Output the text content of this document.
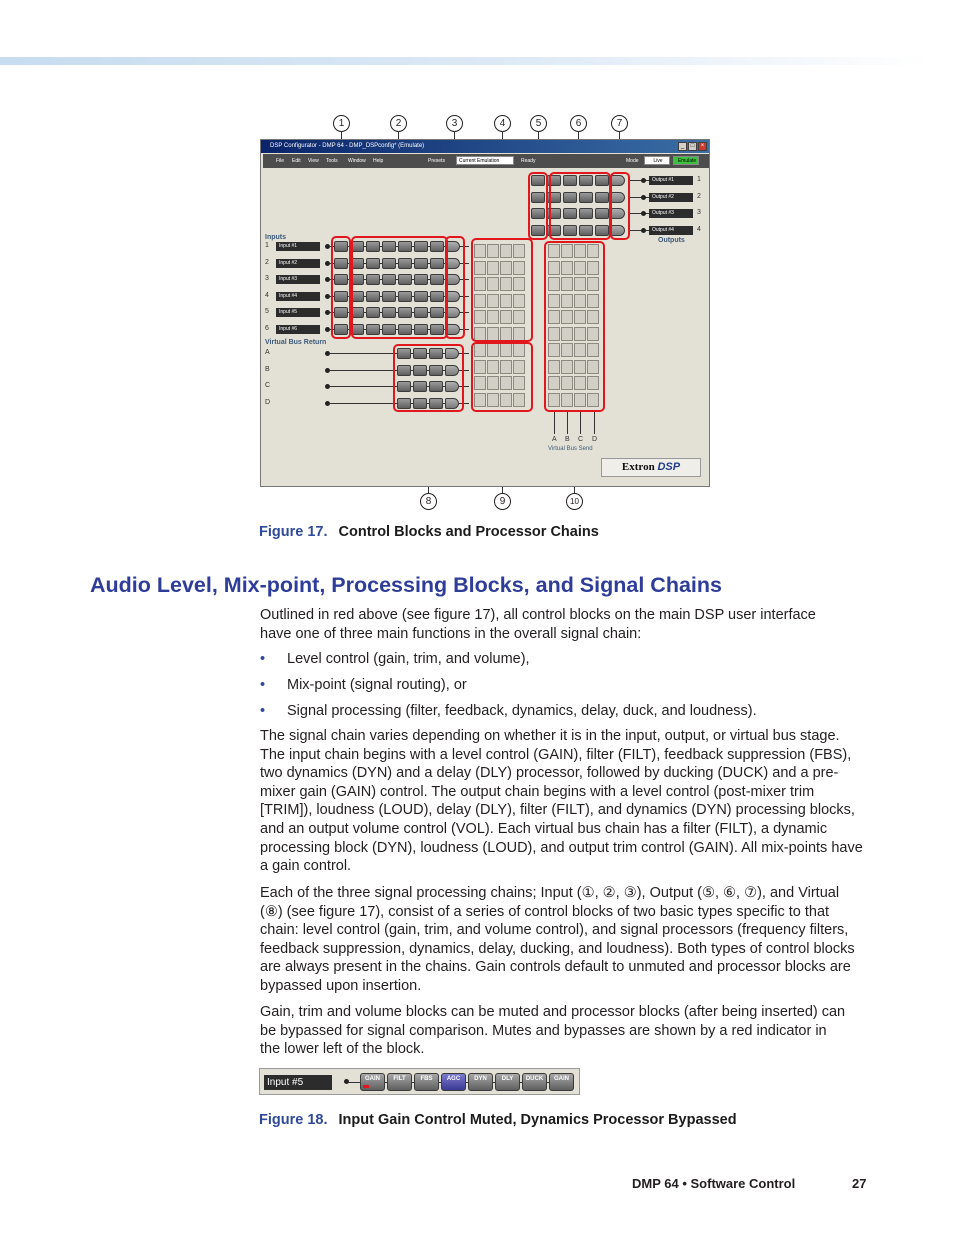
1	2	3	4	5	6	7
8	9	10
DSP Configurator - DMP 64 - DMP_DSPconfig* (Emulate)	_	□	×
File Edit View Tools Window Help	Presets	Current Emulation	Ready	Mode	Live	Emulate
Inputs
1	Input #1
2	Input #2
3	Input #3
4	Input #4
5	Input #5
6	Input #6
Virtual Bus Return
A
B
C
D
Output #1	1
Output #2	2
Output #3	3
Output #4	4
Outputs
A B C D
Virtual Bus Send
Extron DSP
Figure 17. Control Blocks and Processor Chains
Audio Level, Mix-point, Processing Blocks, and Signal Chains

Outlined in red above (see figure 17), all control blocks on the main DSP user interface have one of three main functions in the overall signal chain:

• Level control (gain, trim, and volume),
• Mix-point (signal routing), or
• Signal processing (filter, feedback, dynamics, delay, duck, and loudness).

The signal chain varies depending on whether it is in the input, output, or virtual bus stage. The input chain begins with a level control (GAIN), filter (FILT), feedback suppression (FBS), two dynamics (DYN) and a delay (DLY) processor, followed by ducking (DUCK) and a pre-mixer gain (GAIN) control. The output chain begins with a level control (post-mixer trim [TRIM]), loudness (LOUD), delay (DLY), filter (FILT), and dynamics (DYN) processing blocks, and an output volume control (VOL). Each virtual bus chain has a filter (FILT), a dynamic processing block (DYN), loudness (LOUD), and output trim control (GAIN). All mix-points have a gain control.

Each of the three signal processing chains; Input (①, ②, ③), Output (⑤, ⑥, ⑦), and Virtual (⑧) (see figure 17), consist of a series of control blocks of two basic types specific to that chain: level control (gain, trim, and volume control), and signal processors (frequency filters, feedback suppression, dynamics, delay, ducking, and loudness). Both types of control blocks are always present in the chains. Gain controls default to unmuted and processor blocks are bypassed upon insertion.

Gain, trim and volume blocks can be muted and processor blocks (after being inserted) can be bypassed for signal comparison. Mutes and bypasses are shown by a red indicator in the lower left of the block.

Input #5	GAIN	FILT	FBS	AGC	DYN	DLY	DUCK	GAIN
Figure 18. Input Gain Control Muted, Dynamics Processor Bypassed
DMP 64 • Software Control	27
